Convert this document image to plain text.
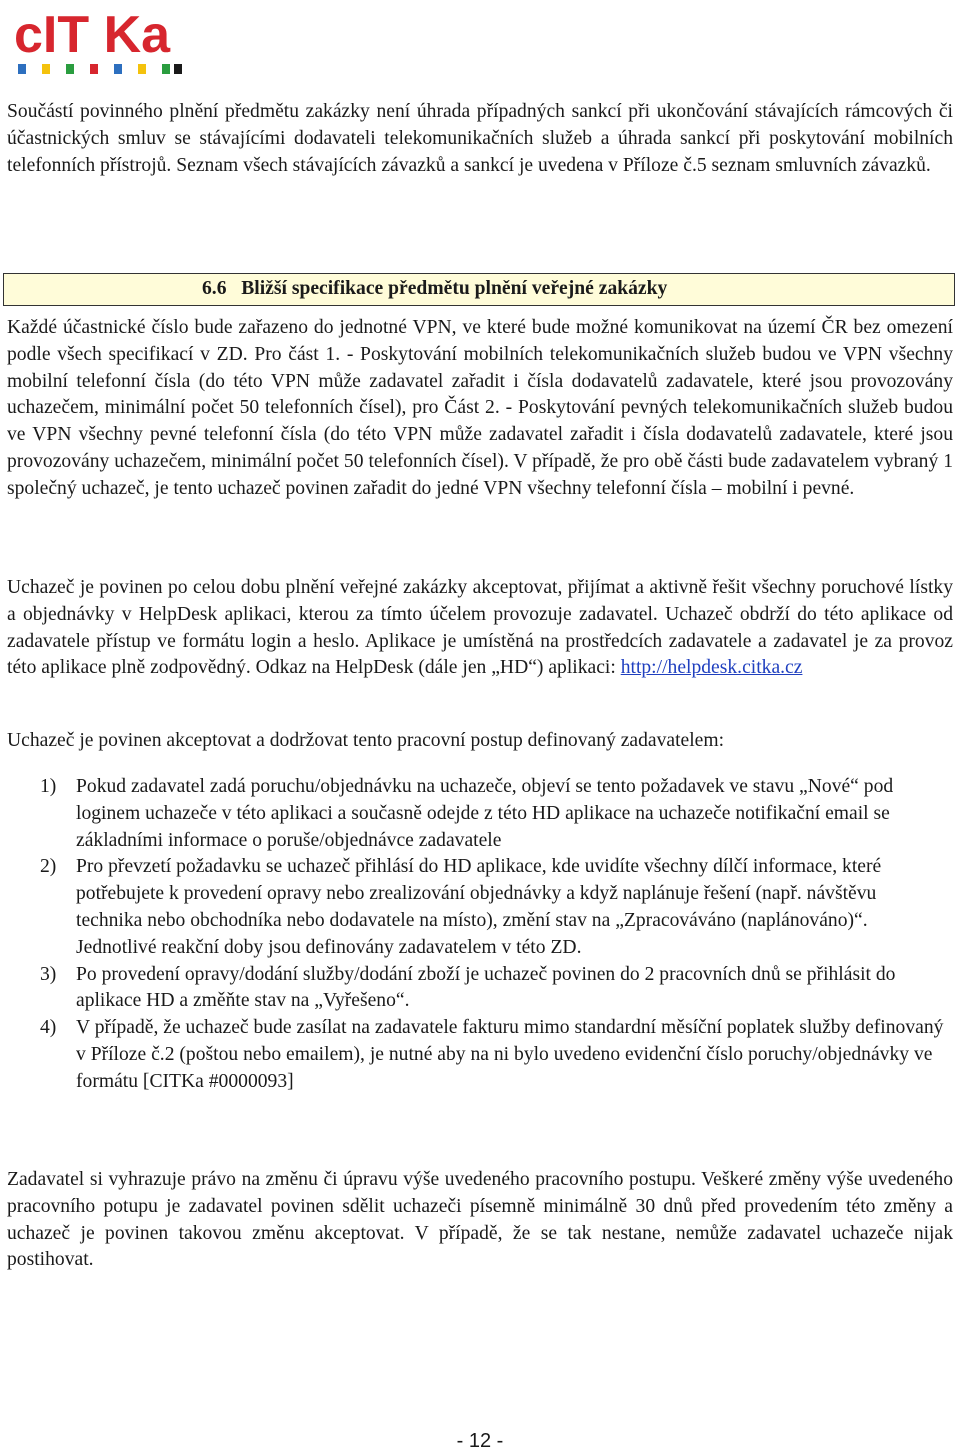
cIT Ka

Součástí povinného plnění předmětu zakázky není úhrada případných sankcí při ukončování stávajících rámcových či účastnických smluv se stávajícími dodavateli telekomunikačních služeb a úhrada sankcí při poskytování mobilních telefonních přístrojů. Seznam všech stávajících závazků a sankcí je uvedena v Příloze č.5 seznam smluvních závazků.

6.6 Bližší specifikace předmětu plnění veřejné zakázky

Každé účastnické číslo bude zařazeno do jednotné VPN, ve které bude možné komunikovat na území ČR bez omezení podle všech specifikací v ZD. Pro část 1. - Poskytování mobilních telekomunikačních služeb budou ve VPN všechny mobilní telefonní čísla (do této VPN může zadavatel zařadit i čísla dodavatelů zadavatele, které jsou provozovány uchazečem, minimální počet 50 telefonních čísel), pro Část 2. - Poskytování pevných telekomunikačních služeb budou ve VPN všechny pevné telefonní čísla (do této VPN může zadavatel zařadit i čísla dodavatelů zadavatele, které jsou provozovány uchazečem, minimální počet 50 telefonních čísel). V případě, že pro obě části bude zadavatelem vybraný 1 společný uchazeč, je tento uchazeč povinen zařadit do jedné VPN všechny telefonní čísla – mobilní i pevné.

Uchazeč je povinen po celou dobu plnění veřejné zakázky akceptovat, přijímat a aktivně řešit všechny poruchové lístky a objednávky v HelpDesk aplikaci, kterou za tímto účelem provozuje zadavatel. Uchazeč obdrží do této aplikace od zadavatele přístup ve formátu login a heslo. Aplikace je umístěná na prostředcích zadavatele a zadavatel je za provoz této aplikace plně zodpovědný. Odkaz na HelpDesk (dále jen „HD“) aplikaci: http://helpdesk.citka.cz

Uchazeč je povinen akceptovat a dodržovat tento pracovní postup definovaný zadavatelem:

1) Pokud zadavatel zadá poruchu/objednávku na uchazeče, objeví se tento požadavek ve stavu „Nové“ pod loginem uchazeče v této aplikaci a současně odejde z této HD aplikace na uchazeče notifikační email se základními informace o poruše/objednávce zadavatele
2) Pro převzetí požadavku se uchazeč přihlásí do HD aplikace, kde uvidíte všechny dílčí informace, které potřebujete k provedení opravy nebo zrealizování objednávky a když naplánuje řešení (např. návštěvu technika nebo obchodníka nebo dodavatele na místo), změní stav na „Zpracováváno (naplánováno)“. Jednotlivé reakční doby jsou definovány zadavatelem v této ZD.
3) Po provedení opravy/dodání služby/dodání zboží je uchazeč povinen do 2 pracovních dnů se přihlásit do aplikace HD a změňte stav na „Vyřešeno“.
4) V případě, že uchazeč bude zasílat na zadavatele fakturu mimo standardní měsíční poplatek služby definovaný v Příloze č.2 (poštou nebo emailem), je nutné aby na ni bylo uvedeno evidenční číslo poruchy/objednávky ve formátu [CITKa #0000093]

Zadavatel si vyhrazuje právo na změnu či úpravu výše uvedeného pracovního postupu. Veškeré změny výše uvedeného pracovního potupu je zadavatel povinen sdělit uchazeči písemně minimálně 30 dnů před provedením této změny a uchazeč je povinen takovou změnu akceptovat. V případě, že se tak nestane, nemůže zadavatel uchazeče nijak postihovat.

- 12 -
